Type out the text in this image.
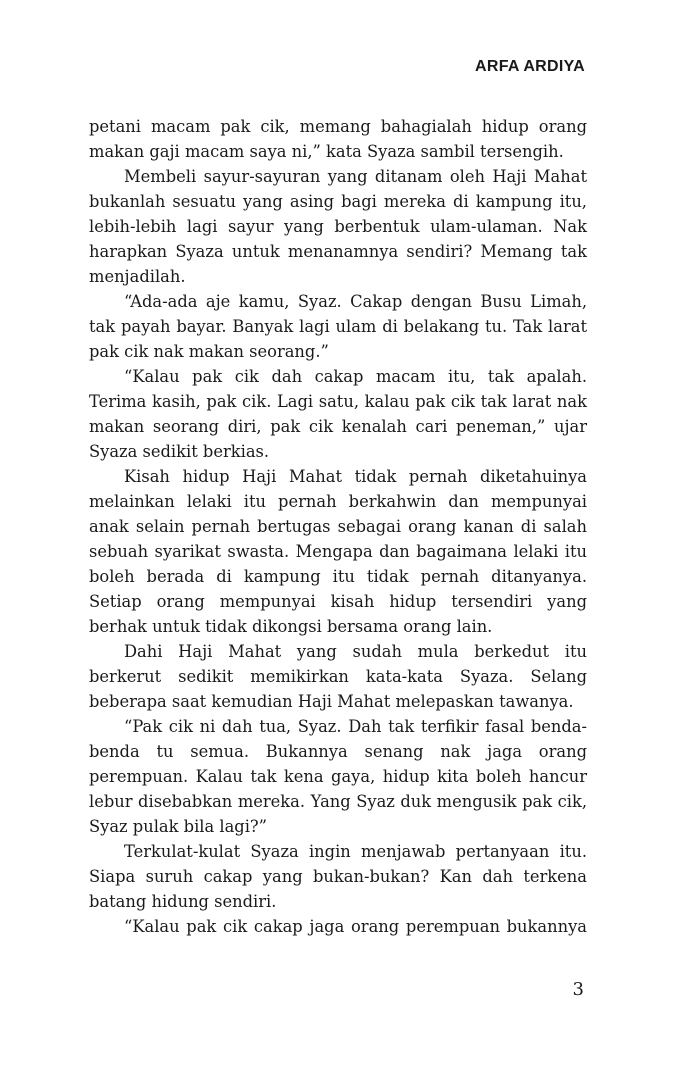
ARFA ARDIYA

petani macam pak cik, memang bahagialah hidup orang makan gaji macam saya ni,” kata Syaza sambil tersengih.

Membeli sayur-sayuran yang ditanam oleh Haji Mahat bukanlah sesuatu yang asing bagi mereka di kampung itu, lebih-lebih lagi sayur yang berbentuk ulam-ulaman. Nak harapkan Syaza untuk menanamnya sendiri? Memang tak menjadilah.

“Ada-ada aje kamu, Syaz. Cakap dengan Busu Limah, tak payah bayar. Banyak lagi ulam di belakang tu. Tak larat pak cik nak makan seorang.”

“Kalau pak cik dah cakap macam itu, tak apalah. Terima kasih, pak cik. Lagi satu, kalau pak cik tak larat nak makan seorang diri, pak cik kenalah cari peneman,” ujar Syaza sedikit berkias.

Kisah hidup Haji Mahat tidak pernah diketahuinya melainkan lelaki itu pernah berkahwin dan mempunyai anak selain pernah bertugas sebagai orang kanan di salah sebuah syarikat swasta. Mengapa dan bagaimana lelaki itu boleh berada di kampung itu tidak pernah ditanyanya. Setiap orang mempunyai kisah hidup tersendiri yang berhak untuk tidak dikongsi bersama orang lain.

Dahi Haji Mahat yang sudah mula berkedut itu berkerut sedikit memikirkan kata-kata Syaza. Selang beberapa saat kemudian Haji Mahat melepaskan tawanya.

“Pak cik ni dah tua, Syaz. Dah tak terfikir fasal benda-benda tu semua. Bukannya senang nak jaga orang perempuan. Kalau tak kena gaya, hidup kita boleh hancur lebur disebabkan mereka. Yang Syaz duk mengusik pak cik, Syaz pulak bila lagi?”

Terkulat-kulat Syaza ingin menjawab pertanyaan itu. Siapa suruh cakap yang bukan-bukan? Kan dah terkena batang hidung sendiri.

“Kalau pak cik cakap jaga orang perempuan bukannya

3
